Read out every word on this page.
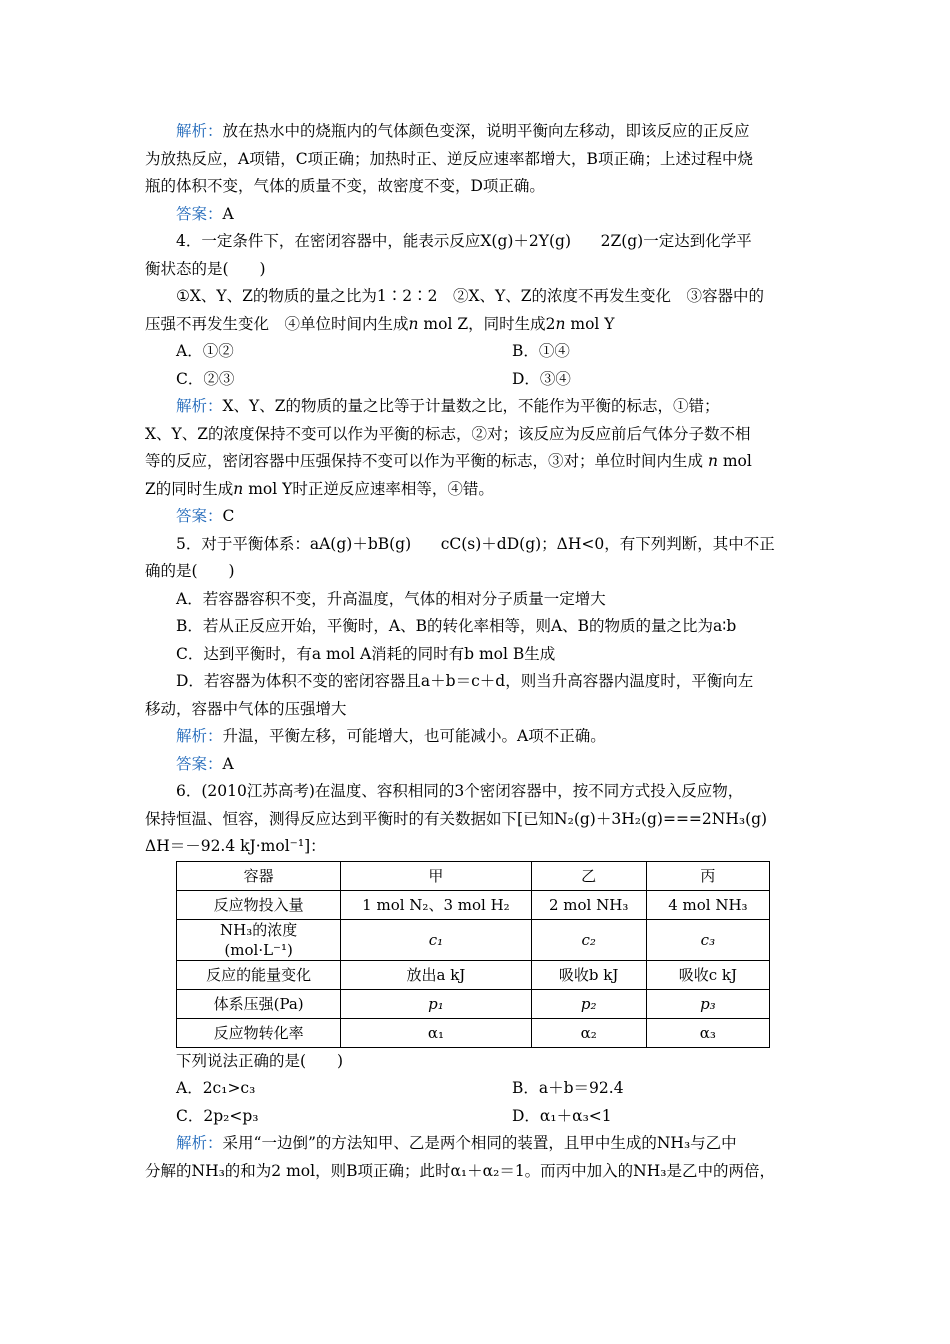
解析：放在热水中的烧瓶内的气体颜色变深，说明平衡向左移动，即该反应的正反应
为放热反应，A项错，C项正确；加热时正、逆反应速率都增大，B项正确；上述过程中烧
瓶的体积不变，气体的质量不变，故密度不变，D项正确。
答案：A
4．一定条件下，在密闭容器中，能表示反应X(g)＋2Y(g)      2Z(g)一定达到化学平
衡状态的是(　　)
①X、Y、Z的物质的量之比为1∶2∶2　②X、Y、Z的浓度不再发生变化　③容器中的
压强不再发生变化　④单位时间内生成n mol Z，同时生成2n mol Y
A．①②	B．①④
C．②③	D．③④
解析：X、Y、Z的物质的量之比等于计量数之比，不能作为平衡的标志，①错；
X、Y、Z的浓度保持不变可以作为平衡的标志，②对；该反应为反应前后气体分子数不相
等的反应，密闭容器中压强保持不变可以作为平衡的标志，③对；单位时间内生成 n mol
Z的同时生成n mol Y时正逆反应速率相等，④错。
答案：C
5．对于平衡体系：aA(g)＋bB(g)      cC(s)＋dD(g)；ΔH<0，有下列判断，其中不正
确的是(　　)
A．若容器容积不变，升高温度，气体的相对分子质量一定增大
B．若从正反应开始，平衡时，A、B的转化率相等，则A、B的物质的量之比为a∶b
C．达到平衡时，有a mol A消耗的同时有b mol B生成
D．若容器为体积不变的密闭容器且a＋b＝c＋d，则当升高容器内温度时，平衡向左
移动，容器中气体的压强增大
解析：升温，平衡左移，可能增大，也可能减小。A项不正确。
答案：A
6．(2010江苏高考)在温度、容积相同的3个密闭容器中，按不同方式投入反应物，
保持恒温、恒容，测得反应达到平衡时的有关数据如下[已知N₂(g)＋3H₂(g)===2NH₃(g)
ΔH＝－92.4 kJ·mol⁻¹]：
容器	甲	乙	丙
反应物投入量	1 mol N₂、3 mol H₂	2 mol NH₃	4 mol NH₃

NH₃的浓度
(mol·L⁻¹)	c₁	c₂	c₃
反应的能量变化	放出a kJ	吸收b kJ	吸收c kJ
体系压强(Pa)	p₁	p₂	p₃
反应物转化率	α₁	α₂	α₃
下列说法正确的是(　　)
A．2c₁>c₃	B．a＋b＝92.4
C．2p₂<p₃	D．α₁＋α₃<1
解析：采用“一边倒”的方法知甲、乙是两个相同的装置，且甲中生成的NH₃与乙中
分解的NH₃的和为2 mol，则B项正确；此时α₁＋α₂＝1。而丙中加入的NH₃是乙中的两倍，
